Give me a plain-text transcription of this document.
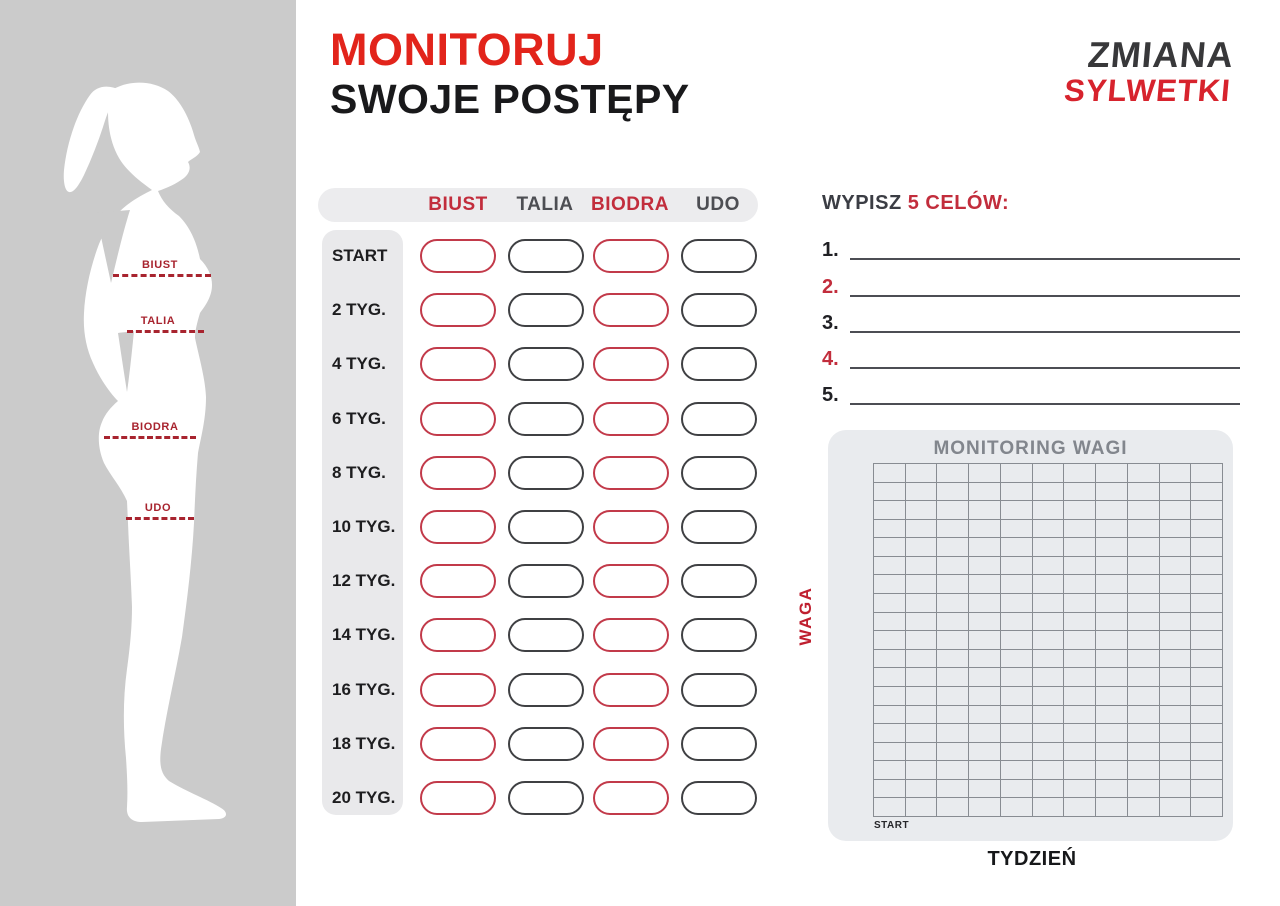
BIUST
TALIA
BIODRA
UDO
MONITORUJ
SWOJE POSTĘPY
ZMIANA
SYLWETKI
BIUST	TALIA BIODRA	UDO
START
2 TYG.
4 TYG.
6 TYG.
8 TYG.
10 TYG.
12 TYG.
14 TYG.
16 TYG.
18 TYG.
20 TYG.
WYPISZ 5 CELÓW:
1.
2.
3.
4.
5.
MONITORING WAGI
START
WAGA
TYDZIEŃ
